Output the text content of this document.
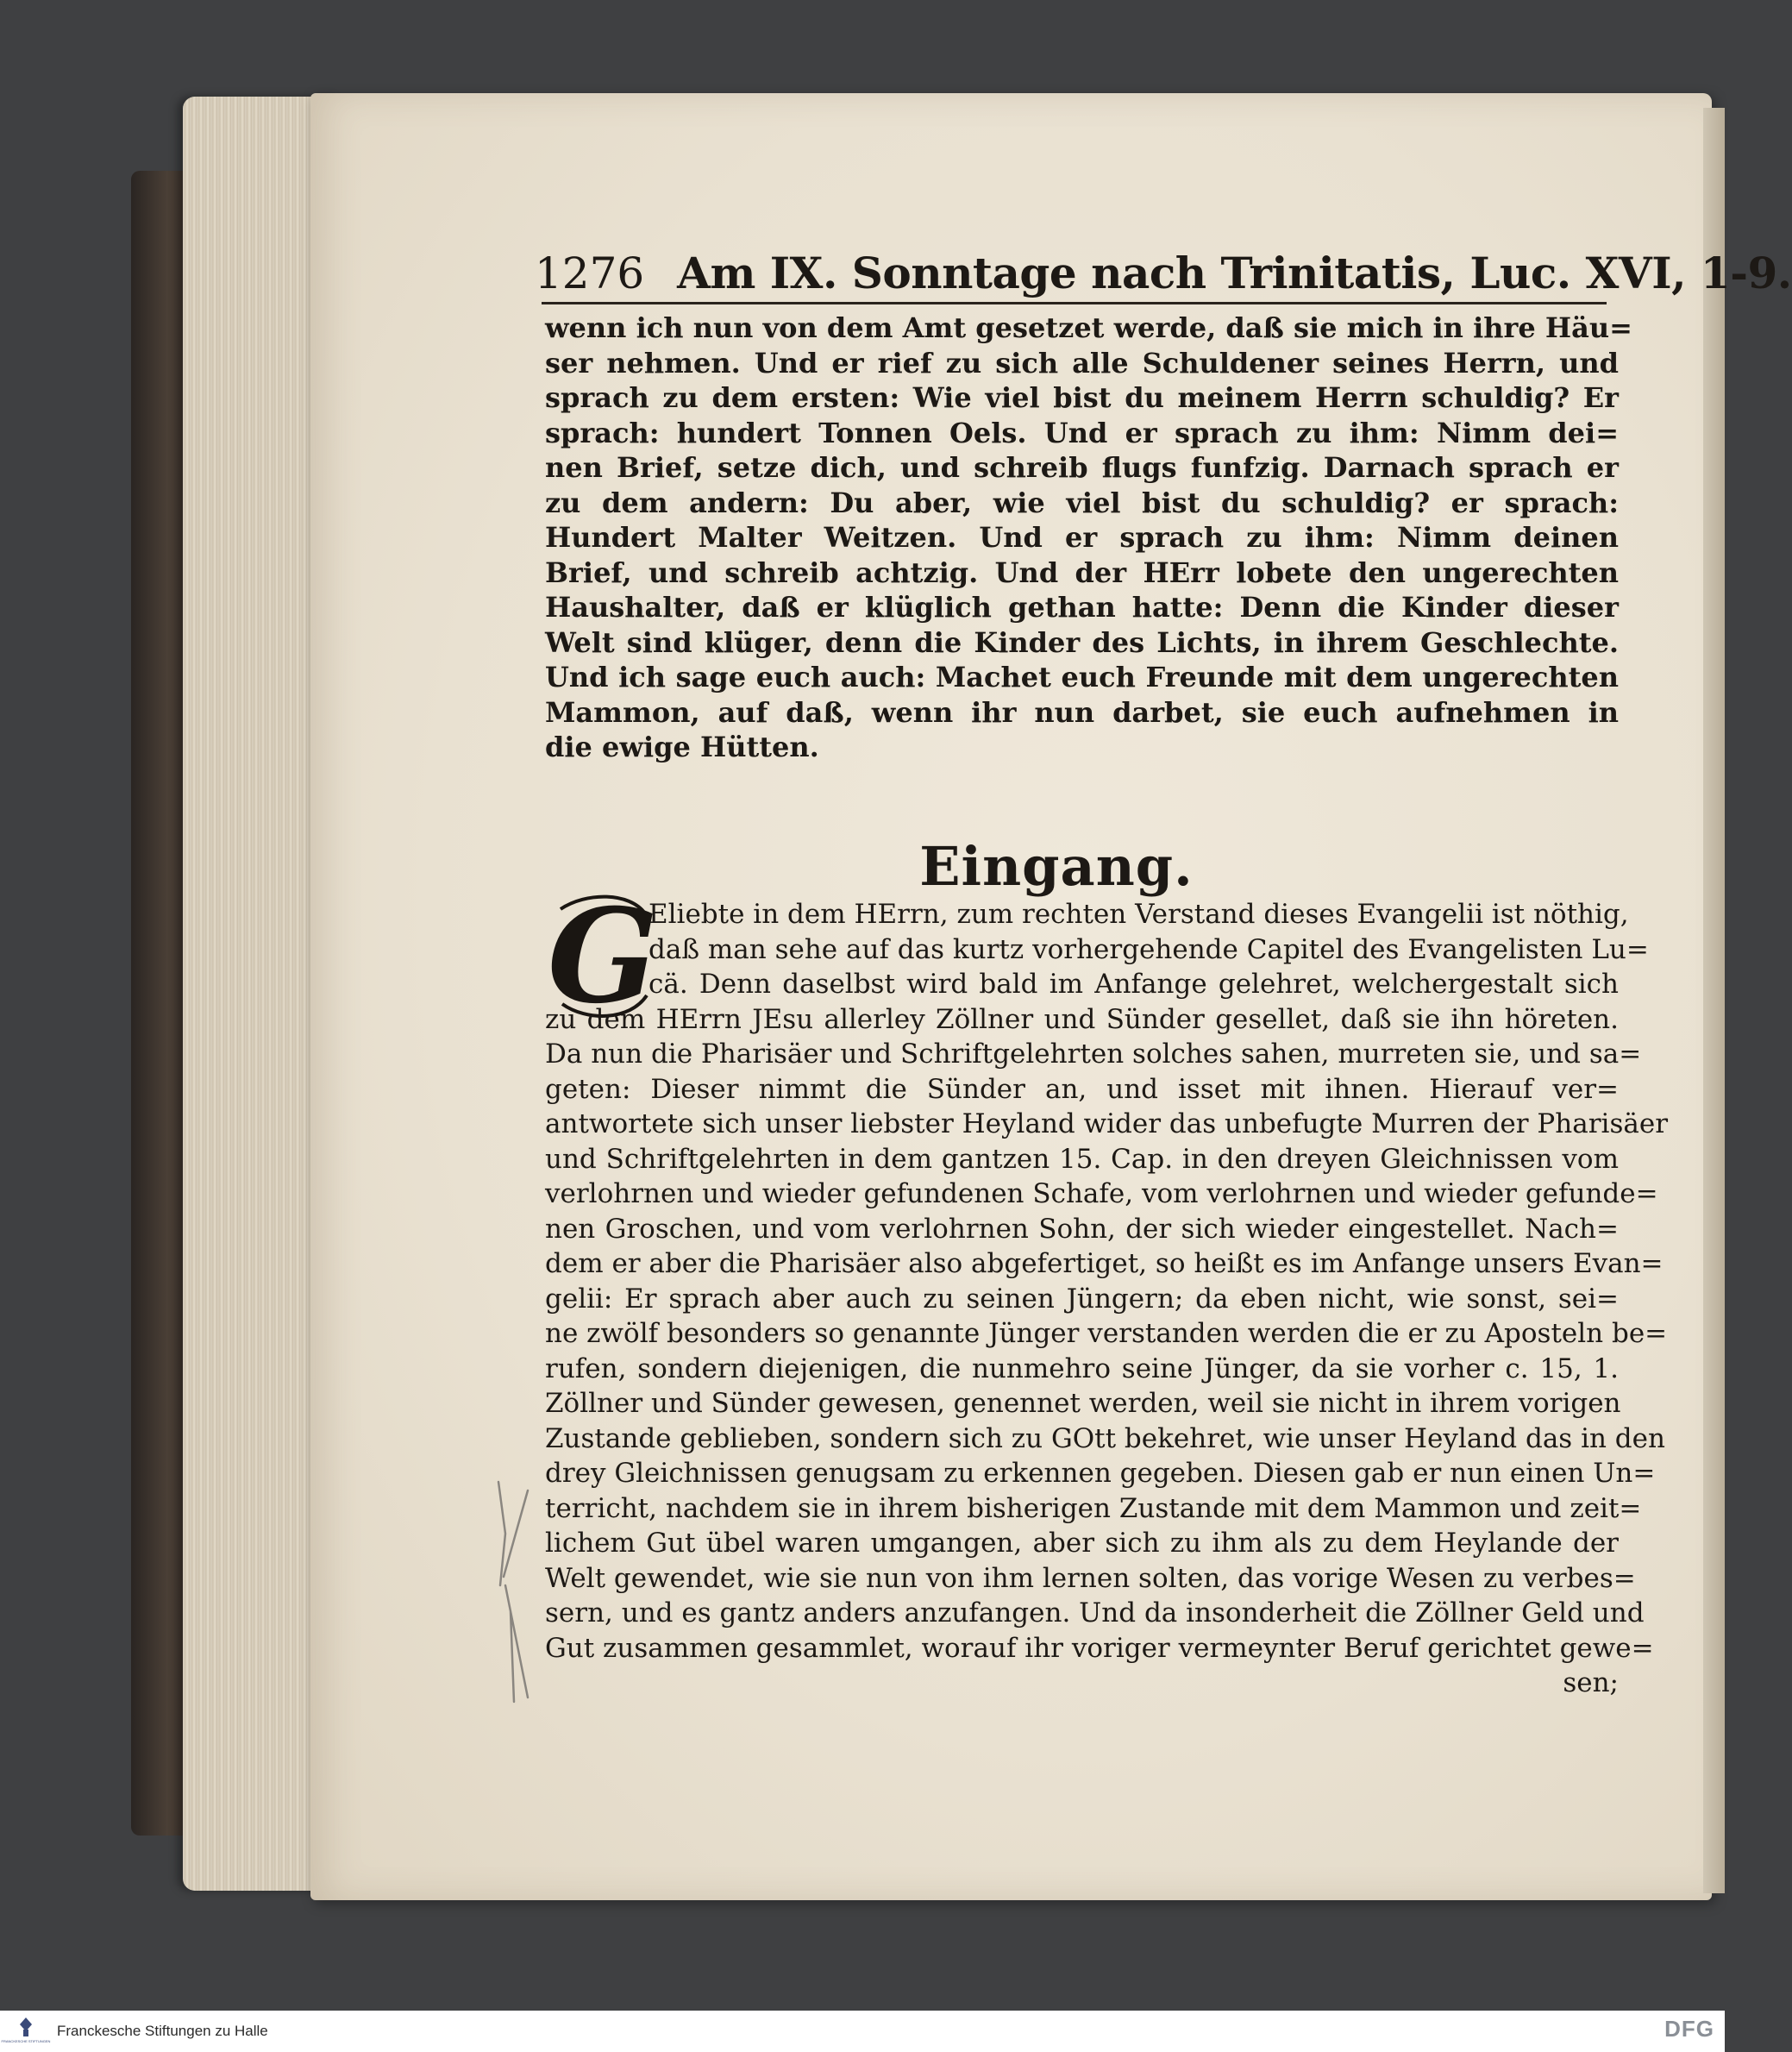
1276 Am IX. Sonntage nach Trinitatis, Luc. XVI, 1-9.
wenn ich nun von dem Amt gesetzet werde, daß sie mich in ihre Häu=
ser nehmen. Und er rief zu sich alle Schuldener seines Herrn, und
sprach zu dem ersten: Wie viel bist du meinem Herrn schuldig? Er
sprach: hundert Tonnen Oels. Und er sprach zu ihm: Nimm dei=
nen Brief, setze dich, und schreib flugs funfzig. Darnach sprach er
zu dem andern: Du aber, wie viel bist du schuldig? er sprach:
Hundert Malter Weitzen. Und er sprach zu ihm: Nimm deinen
Brief, und schreib achtzig. Und der HErr lobete den ungerechten
Haushalter, daß er klüglich gethan hatte: Denn die Kinder dieser
Welt sind klüger, denn die Kinder des Lichts, in ihrem Geschlechte.
Und ich sage euch auch: Machet euch Freunde mit dem ungerechten
Mammon, auf daß, wenn ihr nun darbet, sie euch aufnehmen in
die ewige Hütten.
Eingang.
G
Eliebte in dem HErrn, zum rechten Verstand dieses Evangelii ist nöthig,
daß man sehe auf das kurtz vorhergehende Capitel des Evangelisten Lu=
cä. Denn daselbst wird bald im Anfange gelehret, welchergestalt sich
zu dem HErrn JEsu allerley Zöllner und Sünder gesellet, daß sie ihn höreten.
Da nun die Pharisäer und Schriftgelehrten solches sahen, murreten sie, und sa=
geten: Dieser nimmt die Sünder an, und isset mit ihnen. Hierauf ver=
antwortete sich unser liebster Heyland wider das unbefugte Murren der Pharisäer
und Schriftgelehrten in dem gantzen 15. Cap. in den dreyen Gleichnissen vom
verlohrnen und wieder gefundenen Schafe, vom verlohrnen und wieder gefunde=
nen Groschen, und vom verlohrnen Sohn, der sich wieder eingestellet. Nach=
dem er aber die Pharisäer also abgefertiget, so heißt es im Anfange unsers Evan=
gelii: Er sprach aber auch zu seinen Jüngern; da eben nicht, wie sonst, sei=
ne zwölf besonders so genannte Jünger verstanden werden die er zu Aposteln be=
rufen, sondern diejenigen, die nunmehro seine Jünger, da sie vorher c. 15, 1.
Zöllner und Sünder gewesen, genennet werden, weil sie nicht in ihrem vorigen
Zustande geblieben, sondern sich zu GOtt bekehret, wie unser Heyland das in den
drey Gleichnissen genugsam zu erkennen gegeben. Diesen gab er nun einen Un=
terricht, nachdem sie in ihrem bisherigen Zustande mit dem Mammon und zeit=
lichem Gut übel waren umgangen, aber sich zu ihm als zu dem Heylande der
Welt gewendet, wie sie nun von ihm lernen solten, das vorige Wesen zu verbes=
sern, und es gantz anders anzufangen. Und da insonderheit die Zöllner Geld und
Gut zusammen gesammlet, worauf ihr voriger vermeynter Beruf gerichtet gewe=
sen;
FRANCKESCHE STIFTUNGEN
Franckesche Stiftungen zu Halle	DFG
